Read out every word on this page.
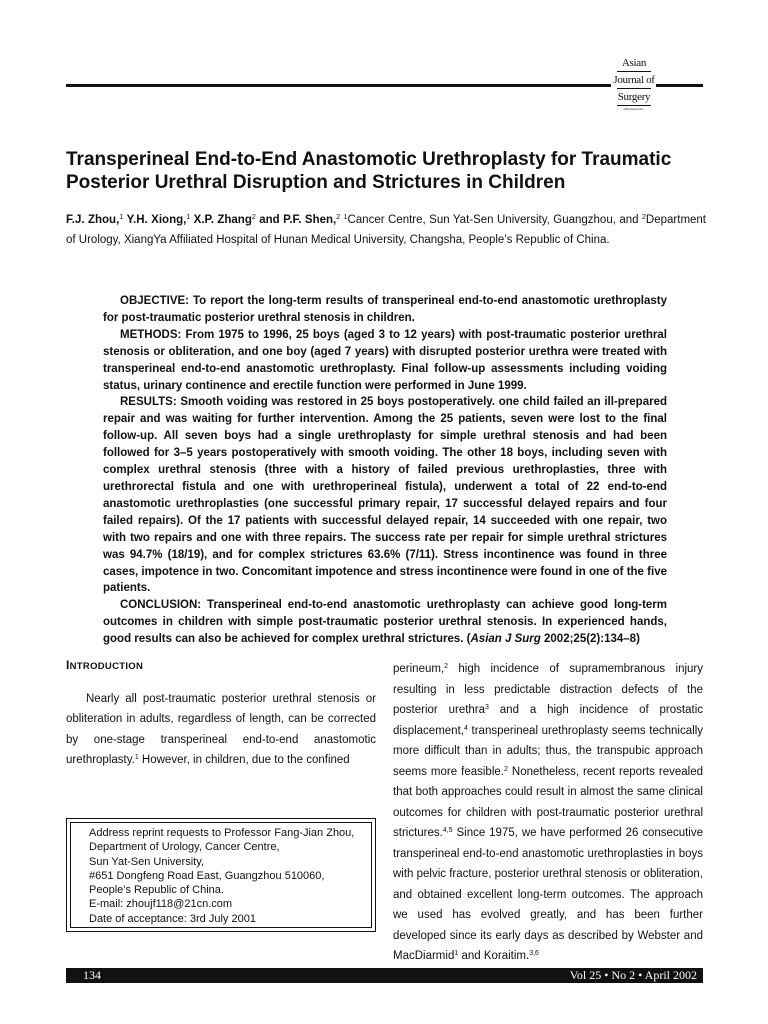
Asian
Journal of
Surgery
Official journal of the ...
Transperineal End-to-End Anastomotic Urethroplasty for Traumatic Posterior Urethral Disruption and Strictures in Children
F.J. Zhou,$^1$ Y.H. Xiong,$^1$ X.P. Zhang$^2$ and P.F. Shen,$^2$ $^1$Cancer Centre, Sun Yat-Sen University, Guangzhou, and $^2$Department of Urology, XiangYa Affiliated Hospital of Hunan Medical University, Changsha, People’s Republic of China.

OBJECTIVE: To report the long-term results of transperineal end-to-end anastomotic urethroplasty for post-traumatic posterior urethral stenosis in children.

METHODS: From 1975 to 1996, 25 boys (aged 3 to 12 years) with post-traumatic posterior urethral stenosis or obliteration, and one boy (aged 7 years) with disrupted posterior urethra were treated with transperineal end-to-end anastomotic urethroplasty. Final follow-up assessments including voiding status, urinary continence and erectile function were performed in June 1999.

RESULTS: Smooth voiding was restored in 25 boys postoperatively. one child failed an ill-prepared repair and was waiting for further intervention. Among the 25 patients, seven were lost to the final follow-up. All seven boys had a single urethroplasty for simple urethral stenosis and had been followed for 3–5 years postoperatively with smooth voiding. The other 18 boys, including seven with complex urethral stenosis (three with a history of failed previous urethroplasties, three with urethrorectal fistula and one with urethroperineal fistula), underwent a total of 22 end-to-end anastomotic urethroplasties (one successful primary repair, 17 successful delayed repairs and four failed repairs). Of the 17 patients with successful delayed repair, 14 succeeded with one repair, two with two repairs and one with three repairs. The success rate per repair for simple urethral strictures was 94.7% (18/19), and for complex strictures 63.6% (7/11). Stress incontinence was found in three cases, impotence in two. Concomitant impotence and stress incontinence were found in one of the five patients.

CONCLUSION: Transperineal end-to-end anastomotic urethroplasty can achieve good long-term outcomes in children with simple post-traumatic posterior urethral stenosis. In experienced hands, good results can also be achieved for complex urethral strictures. (Asian J Surg 2002;25(2):134–8)

INTRODUCTION

Nearly all post-traumatic posterior urethral stenosis or obliteration in adults, regardless of length, can be corrected by one-stage transperineal end-to-end anastomotic urethroplasty.$^1$ However, in children, due to the confined

Address reprint requests to Professor Fang-Jian Zhou,
Department of Urology, Cancer Centre,
Sun Yat-Sen University,
#651 Dongfeng Road East, Guangzhou 510060,
People’s Republic of China.
E-mail: zhoujf118@21cn.com
Date of acceptance: 3rd July 2001

perineum,$^2$ high incidence of supramembranous injury resulting in less predictable distraction defects of the posterior urethra$^3$ and a high incidence of prostatic displacement,$^4$ transperineal urethroplasty seems technically more difficult than in adults; thus, the transpubic approach seems more feasible.$^2$ Nonetheless, recent reports revealed that both approaches could result in almost the same clinical outcomes for children with post-traumatic posterior urethral strictures.$^{4,5}$ Since 1975, we have performed 26 consecutive transperineal end-to-end anastomotic urethroplasties in boys with pelvic fracture, posterior urethral stenosis or obliteration, and obtained excellent long-term outcomes. The approach we used has evolved greatly, and has been further developed since its early days as described by Webster and MacDiarmid$^1$ and Koraitim.$^{3,6}$

134	Vol 25 • No 2 • April 2002
